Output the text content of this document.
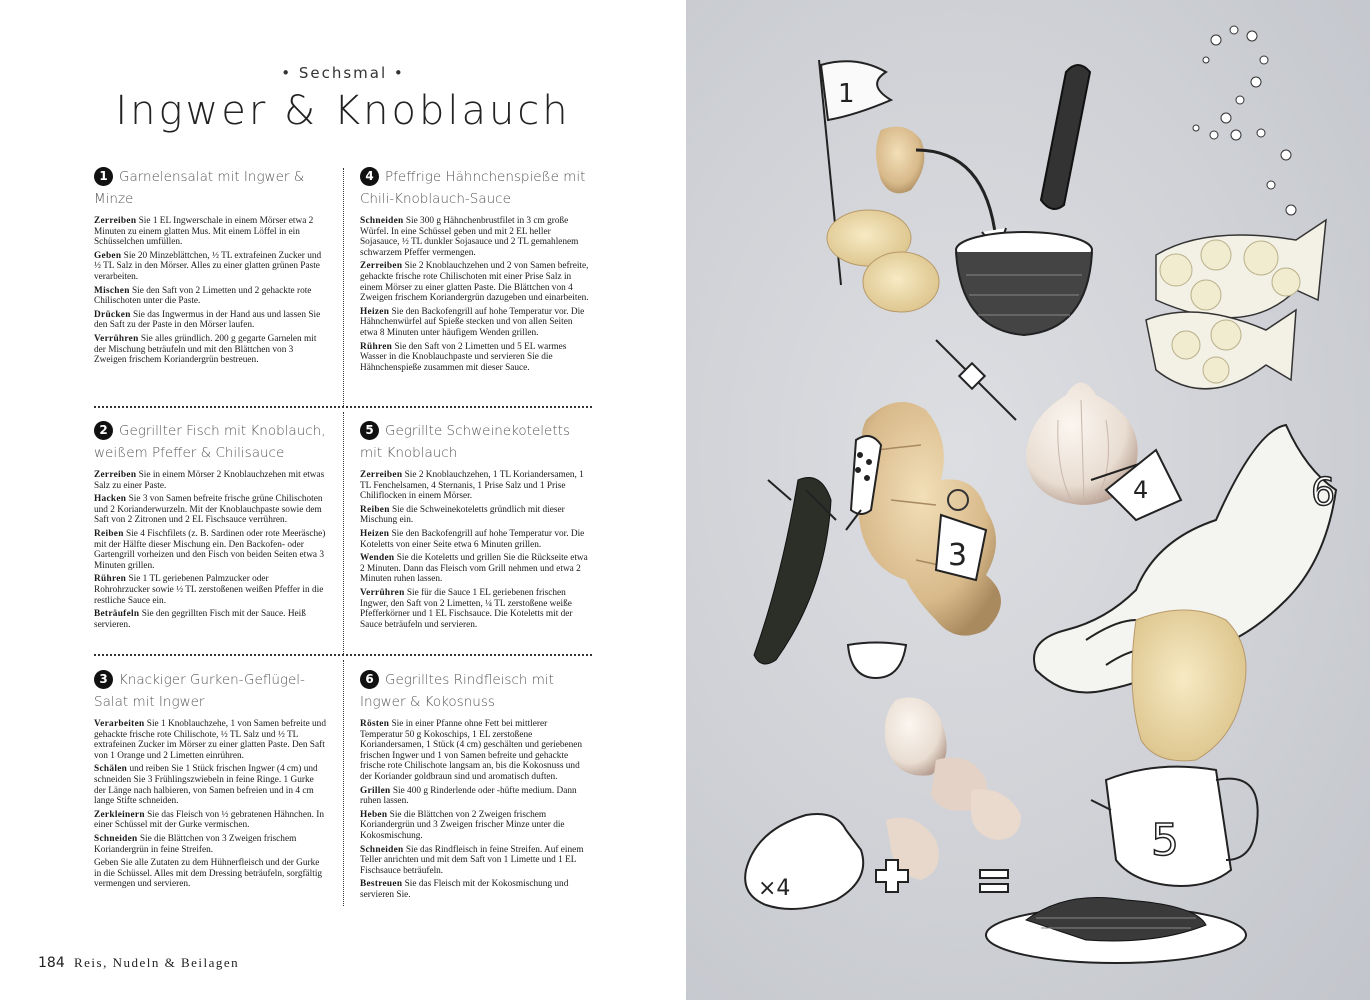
• Sechsmal •
Ingwer & Knoblauch
1 Garnelensalat mit Ingwer & Minze

Zerreiben Sie 1 EL Ingwerschale in einem Mörser etwa 2 Minuten zu einem glatten Mus. Mit einem Löffel in ein Schüsselchen umfüllen.

Geben Sie 20 Minzeblättchen, ½ TL extrafeinen Zucker und ½ TL Salz in den Mörser. Alles zu einer glatten grünen Paste verarbeiten.

Mischen Sie den Saft von 2 Limetten und 2 gehackte rote Chilischoten unter die Paste.

Drücken Sie das Ingwermus in der Hand aus und lassen Sie den Saft zu der Paste in den Mörser laufen.

Verrühren Sie alles gründlich. 200 g gegarte Garnelen mit der Mischung beträufeln und mit den Blättchen von 3 Zweigen frischem Koriandergrün bestreuen.

4 Pfeffrige Hähnchenspieße mit Chili-Knoblauch-Sauce

Schneiden Sie 300 g Hähnchenbrustfilet in 3 cm große Würfel. In eine Schüssel geben und mit 2 EL heller Sojasauce, ½ TL dunkler Sojasauce und 2 TL gemahlenem schwarzem Pfeffer vermengen.

Zerreiben Sie 2 Knoblauchzehen und 2 von Samen befreite, gehackte frische rote Chilischoten mit einer Prise Salz in einem Mörser zu einer glatten Paste. Die Blättchen von 4 Zweigen frischem Koriandergrün dazugeben und einarbeiten.

Heizen Sie den Backofengrill auf hohe Temperatur vor. Die Hähnchenwürfel auf Spieße stecken und von allen Seiten etwa 8 Minuten unter häufigem Wenden grillen.

Rühren Sie den Saft von 2 Limetten und 5 EL warmes Wasser in die Knoblauchpaste und servieren Sie die Hähnchenspieße zusammen mit dieser Sauce.

2 Gegrillter Fisch mit Knoblauch, weißem Pfeffer & Chilisauce

Zerreiben Sie in einem Mörser 2 Knoblauchzehen mit etwas Salz zu einer Paste.

Hacken Sie 3 von Samen befreite frische grüne Chilischoten und 2 Korianderwurzeln. Mit der Knoblauchpaste sowie dem Saft von 2 Zitronen und 2 EL Fischsauce verrühren.

Reiben Sie 4 Fischfilets (z. B. Sardinen oder rote Meeräsche) mit der Hälfte dieser Mischung ein. Den Backofen- oder Gartengrill vorheizen und den Fisch von beiden Seiten etwa 3 Minuten grillen.

Rühren Sie 1 TL geriebenen Palmzucker oder Rohrohrzucker sowie ½ TL zerstoßenen weißen Pfeffer in die restliche Sauce ein.

Beträufeln Sie den gegrillten Fisch mit der Sauce. Heiß servieren.

5 Gegrillte Schweinekoteletts mit Knoblauch

Zerreiben Sie 2 Knoblauchzehen, 1 TL Koriandersamen, 1 TL Fenchelsamen, 4 Sternanis, 1 Prise Salz und 1 Prise Chiliflocken in einem Mörser.

Reiben Sie die Schweinekoteletts gründlich mit dieser Mischung ein.

Heizen Sie den Backofengrill auf hohe Temperatur vor. Die Koteletts von einer Seite etwa 6 Minuten grillen.

Wenden Sie die Koteletts und grillen Sie die Rückseite etwa 2 Minuten. Dann das Fleisch vom Grill nehmen und etwa 2 Minuten ruhen lassen.

Verrühren Sie für die Sauce 1 EL geriebenen frischen Ingwer, den Saft von 2 Limetten, ¼ TL zerstoßene weiße Pfefferkörner und 1 EL Fischsauce. Die Koteletts mit der Sauce beträufeln und servieren.

3 Knackiger Gurken-Geflügel-Salat mit Ingwer

Verarbeiten Sie 1 Knoblauchzehe, 1 von Samen befreite und gehackte frische rote Chilischote, ½ TL Salz und ½ TL extrafeinen Zucker im Mörser zu einer glatten Paste. Den Saft von 1 Orange und 2 Limetten einrühren.

Schälen und reiben Sie 1 Stück frischen Ingwer (4 cm) und schneiden Sie 3 Frühlingszwiebeln in feine Ringe. 1 Gurke der Länge nach halbieren, von Samen befreien und in 4 cm lange Stifte schneiden.

Zerkleinern Sie das Fleisch von ½ gebratenen Hähnchen. In einer Schüssel mit der Gurke vermischen.

Schneiden Sie die Blättchen von 3 Zweigen frischem Koriandergrün in feine Streifen.

Geben Sie alle Zutaten zu dem Hühnerfleisch und der Gurke in die Schüssel. Alles mit dem Dressing beträufeln, sorgfältig vermengen und servieren.

6 Gegrilltes Rindfleisch mit Ingwer & Kokosnuss

Rösten Sie in einer Pfanne ohne Fett bei mittlerer Temperatur 50 g Kokoschips, 1 EL zerstoßene Koriandersamen, 1 Stück (4 cm) geschälten und geriebenen frischen Ingwer und 1 von Samen befreite und gehackte frische rote Chilischote langsam an, bis die Kokosnuss und der Koriander goldbraun sind und aromatisch duften.

Grillen Sie 400 g Rinderlende oder -hüfte medium. Dann ruhen lassen.

Heben Sie die Blättchen von 2 Zweigen frischem Koriandergrün und 3 Zweigen frischer Minze unter die Kokosmischung.

Schneiden Sie das Rindfleisch in feine Streifen. Auf einem Teller anrichten und mit dem Saft von 1 Limette und 1 EL Fischsauce beträufeln.

Bestreuen Sie das Fleisch mit der Kokosmischung und servieren Sie.

184 Reis, Nudeln & Beilagen
1
3
4	6
5
×4
